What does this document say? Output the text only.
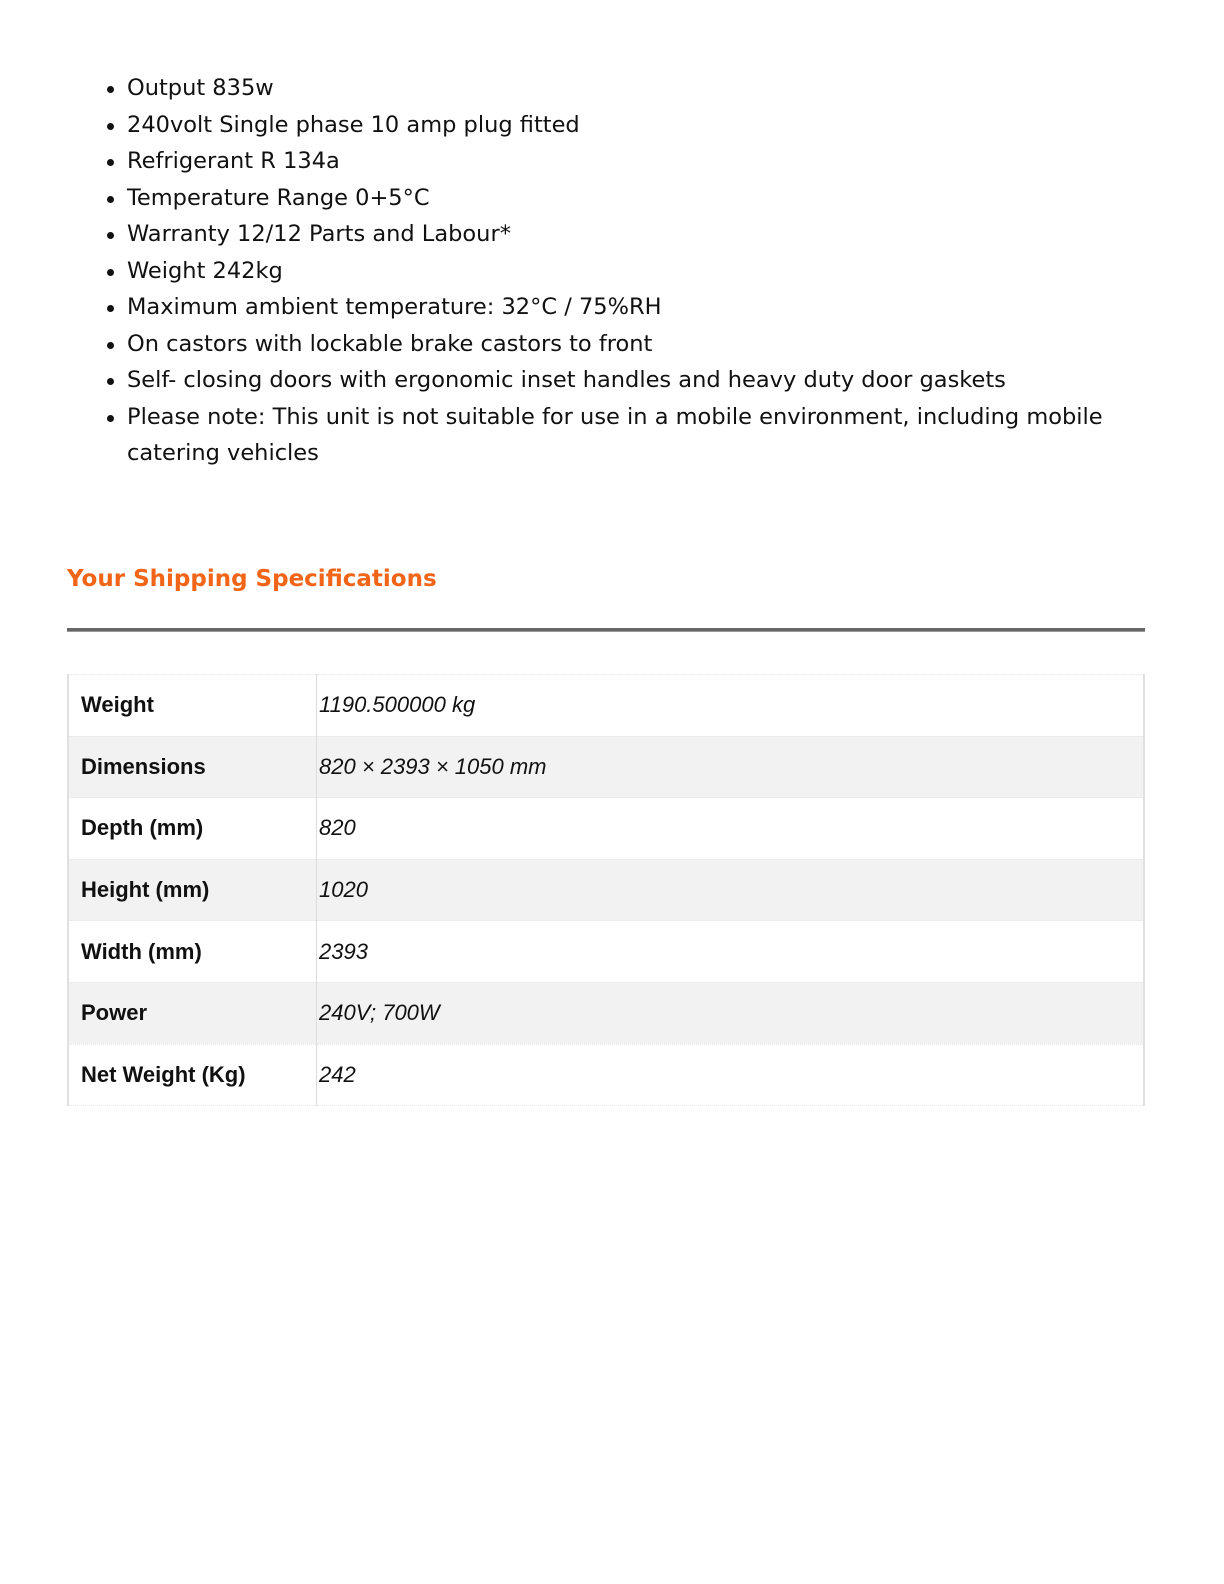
Output 835w
240volt Single phase 10 amp plug fitted
Refrigerant R 134a
Temperature Range 0+5°C
Warranty 12/12 Parts and Labour*
Weight 242kg
Maximum ambient temperature: 32°C / 75%RH
On castors with lockable brake castors to front
Self- closing doors with ergonomic inset handles and heavy duty door gaskets
Please note: This unit is not suitable for use in a mobile environment, including mobile catering vehicles
Your Shipping Specifications
Weight	1190.500000 kg
Dimensions	820 × 2393 × 1050 mm
Depth (mm)	820
Height (mm)	1020
Width (mm)	2393
Power	240V; 700W
Net Weight (Kg)	242
